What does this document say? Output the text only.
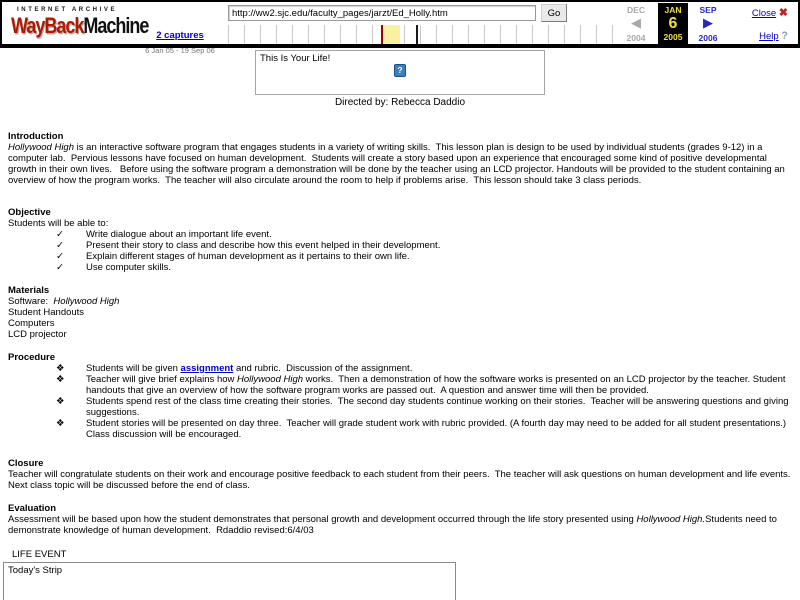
INTERNET ARCHIVE
WayBackMachine 2 captures
6 Jan 05 - 19 Sep 06
http://ww2.sjc.edu/faculty_pages/jarzt/Ed_Holly.htm
Go	DEC
◀
2004
JAN
6
2005
SEP
▶
2006
Close ✖
Help ?
This Is Your Life!
?
Directed by: Rebecca Daddio
Introduction

Hollywood High is an interactive software program that engages students in a variety of writing skills.  This lesson plan is design to be used by individual students (grades 9-12) in a computer lab.  Pervious lessons have focused on human development.  Students will create a story based upon an experience that encouraged some kind of positive developmental growth in their own lives.   Before using the software program a demonstration will be done by the teacher using an LCD projector. Handouts will be provided to the student containing an overview of how the program works.  The teacher will also circulate around the room to help if problems arise.  This lesson should take 3 class periods.

Objective
Students will be able to:
✓	Write dialogue about an important life event.
✓	Present their story to class and describe how this event helped in their development.
✓	Explain different stages of human development as it pertains to their own life.
✓	Use computer skills.
Materials
Software:  Hollywood High
Student Handouts
Computers
LCD projector
Procedure
❖	Students will be given assignment and rubric.  Discussion of the assignment.
❖	Teacher will give brief explains how Hollywood High works.  Then a demonstration of how the software works is presented on an LCD projector by the teacher. Student handouts that give an overview of how the software program works are passed out.  A question and answer time will then be provided.
❖	Students spend rest of the class time creating their stories.  The second day students continue working on their stories.  Teacher will be answering questions and giving suggestions.
❖	Student stories will be presented on day three.  Teacher will grade student work with rubric provided. (A fourth day may need to be added for all student presentations.) Class discussion will be encouraged.
Closure

Teacher will congratulate students on their work and encourage positive feedback to each student from their peers.  The teacher will ask questions on human development and life events.  Next class topic will be discussed before the end of class.

Evaluation

Assessment will be based upon how the student demonstrates that personal growth and development occurred through the life story presented using Hollywood High.Students need to demonstrate knowledge of human development.  Rdaddio revised:6/4/03

LIFE EVENT
Today's Strip
